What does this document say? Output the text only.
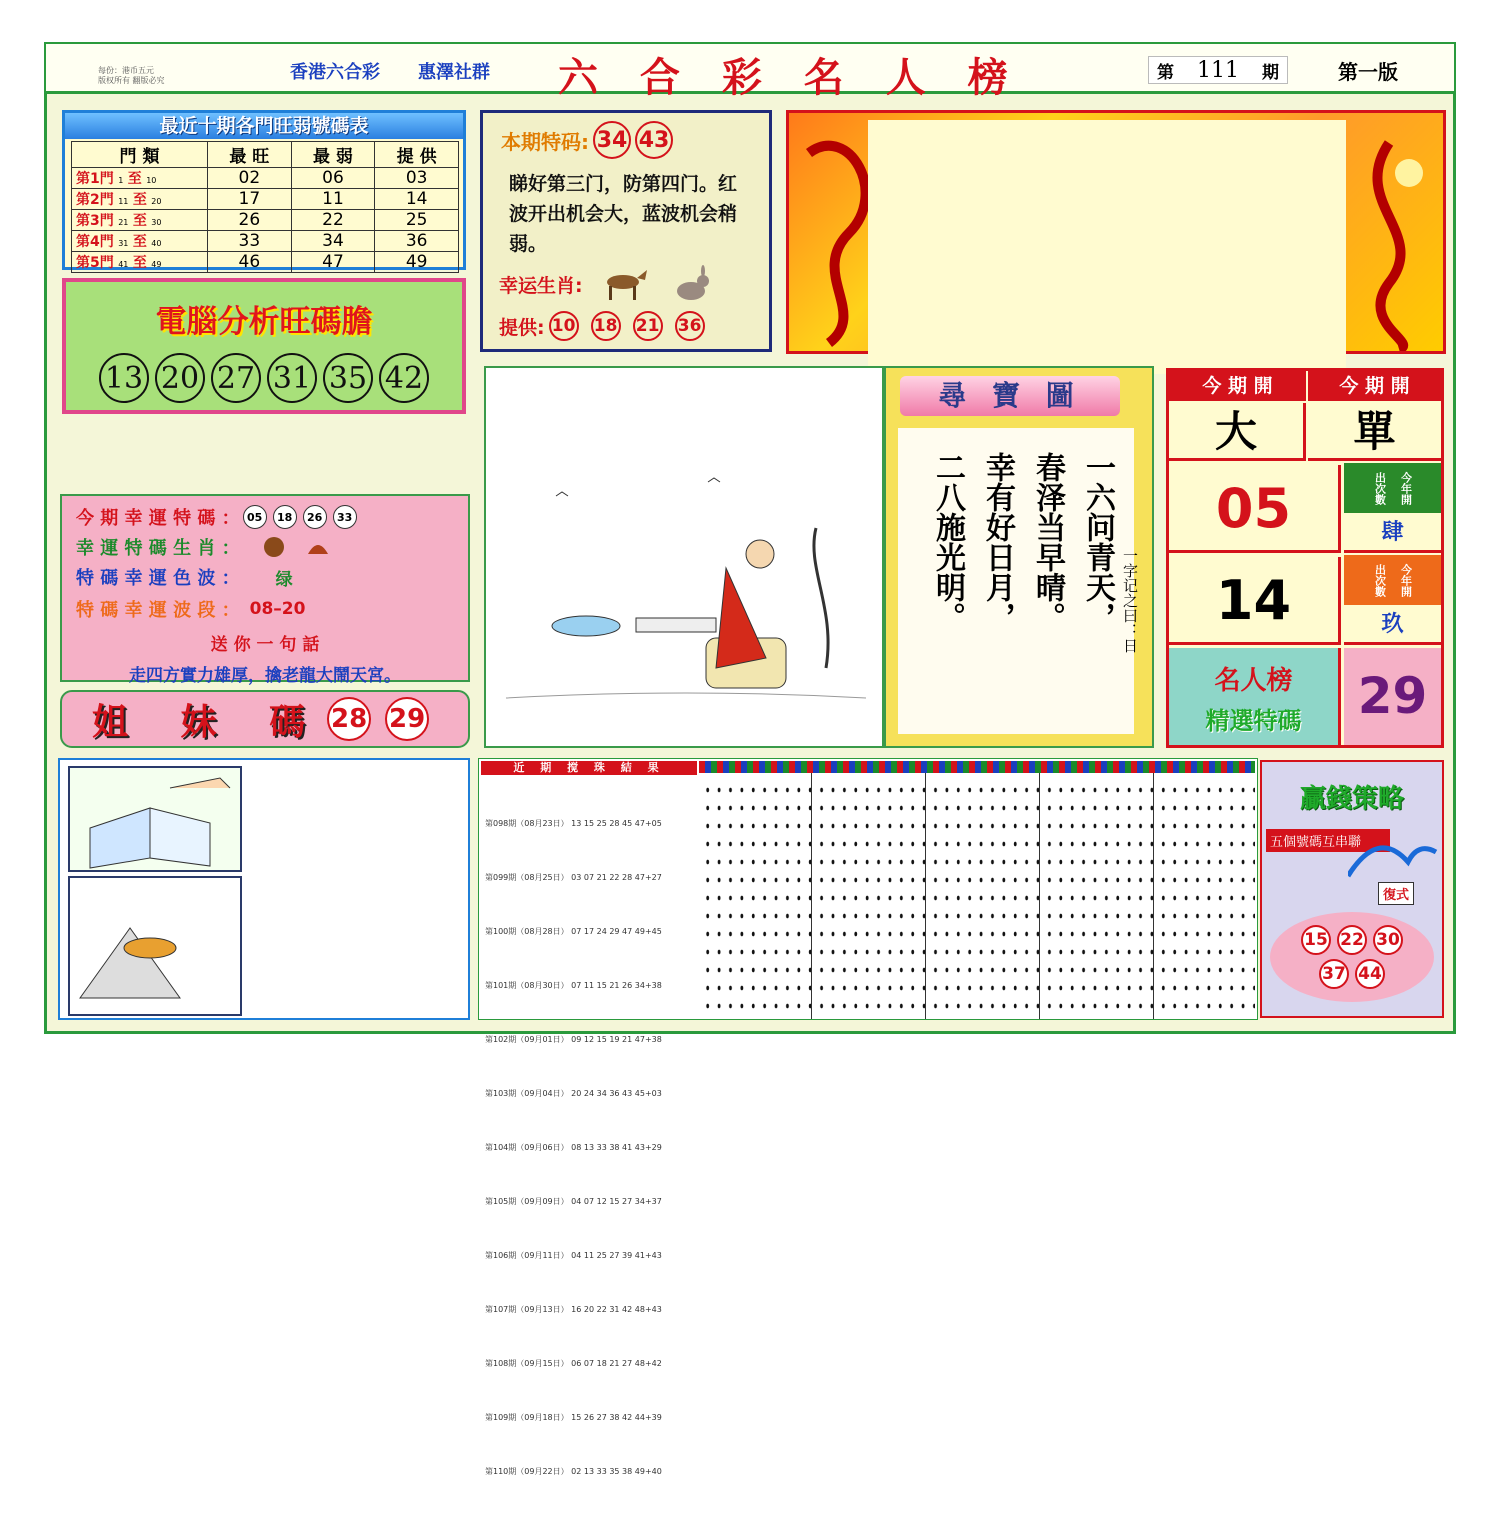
每份：港币五元
版权所有 翻版必究	香港六合彩 惠澤社群 六 合 彩 名 人 榜	第 111 期	第一版
最近十期各門旺弱號碼表
門 類	最 旺	最 弱	提 供
第1門 1 至 10	02	06	03
第2門 11 至 20	17	11	14
第3門 21 至 30	26	22	25
第4門 31 至 40	33	34	36
第5門 41 至 49	46	47	49
電腦分析旺碼膽
13 20 27 31 35 42
本期特码: 34 43
睇好第三门，防第四门。红波开出机会大，蓝波机会稍弱。
幸运生肖:
提供: 10 18 21 36
尋 寶 圖
一六问青天，
春泽当早晴。
幸有好日月，
二八施光明。	一字记之曰：日
今 期 開	今 期 開
大	單
05	出次數 今年開
肆
14	出次數 今年開
玖
名人榜
精選特碼	29
今 期 幸 運 特 碼 ： 05	18	26	33
幸 運 特 碼 生 肖 ：
特 碼 幸 運 色 波 ： 绿
特 碼 幸 運 波 段 ： 08–20
送 你 一 句 話
走四方實力雄厚，擒老龍大鬧天宮。
姐 妹 碼 28 29
近 期 搅 珠 結 果

第098期（08月23日） 13 15 25 28 45 47+05

第099期（08月25日） 03 07 21 22 28 47+27

第100期（08月28日） 07 17 24 29 47 49+45

第101期（08月30日） 07 11 15 21 26 34+38

第102期（09月01日） 09 12 15 19 21 47+38

第103期（09月04日） 20 24 34 36 43 45+03

第104期（09月06日） 08 13 33 38 41 43+29

第105期（09月09日） 04 07 12 15 27 34+37

第106期（09月11日） 04 11 25 27 39 41+43

第107期（09月13日） 16 20 22 31 42 48+43

第108期（09月15日） 06 07 18 21 27 48+42

第109期（09月18日） 15 26 27 38 42 44+39

第110期（09月22日） 02 13 33 35 38 49+40

贏錢策略
五個號碼互串聯
復式
15 22 30
37 44
